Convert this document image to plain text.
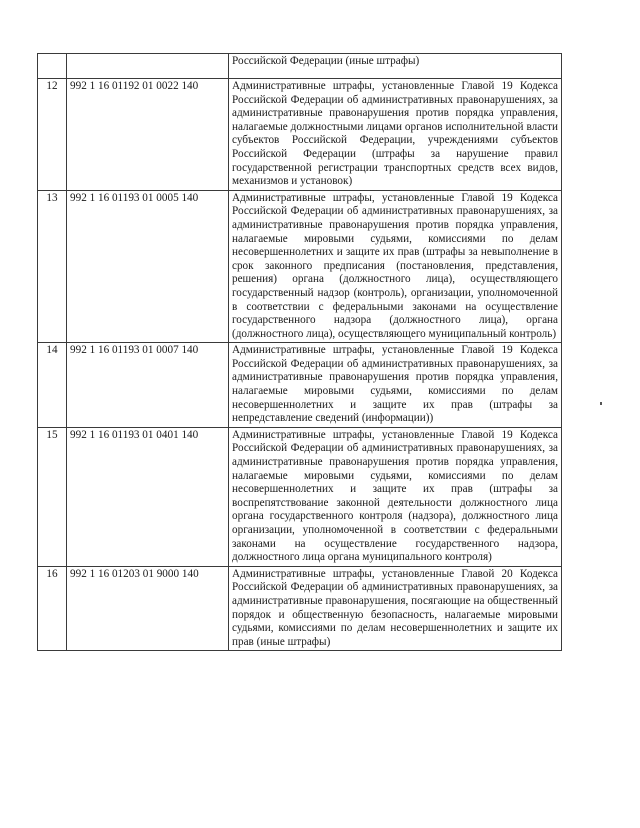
		Российской Федерации (иные штрафы)
12	992 1 16 01192 01 0022 140	Административные штрафы, установленные Главой 19 Кодекса Российской Федерации об административных правонарушениях, за административные правонарушения против порядка управления, налагаемые должностными лицами органов исполнительной власти субъектов Российской Федерации, учреждениями субъектов Российской Федерации (штрафы за нарушение правил государственной регистрации транспортных средств всех видов, механизмов и установок)
13	992 1 16 01193 01 0005 140	Административные штрафы, установленные Главой 19 Кодекса Российской Федерации об административных правонарушениях, за административные правонарушения против порядка управления, налагаемые мировыми судьями, комиссиями по делам несовершеннолетних и защите их прав (штрафы за невыполнение в срок законного предписания (постановления, представления, решения) органа (должностного лица), осуществляющего государственный надзор (контроль), организации, уполномоченной в соответствии с федеральными законами на осуществление государственного надзора (должностного лица), органа (должностного лица), осуществляющего муниципальный контроль)
14	992 1 16 01193 01 0007 140	Административные штрафы, установленные Главой 19 Кодекса Российской Федерации об административных правонарушениях, за административные правонарушения против порядка управления, налагаемые мировыми судьями, комиссиями по делам несовершеннолетних и защите их прав (штрафы за непредставление сведений (информации))
15	992 1 16 01193 01 0401 140	Административные штрафы, установленные Главой 19 Кодекса Российской Федерации об административных правонарушениях, за административные правонарушения против порядка управления, налагаемые мировыми судьями, комиссиями по делам несовершеннолетних и защите их прав (штрафы за воспрепятствование законной деятельности должностного лица органа государственного контроля (надзора), должностного лица организации, уполномоченной в соответствии с федеральными законами на осуществление государственного надзора, должностного лица органа муниципального контроля)
16	992 1 16 01203 01 9000 140	Административные штрафы, установленные Главой 20 Кодекса Российской Федерации об административных правонарушениях, за административные правонарушения, посягающие на общественный порядок и общественную безопасность, налагаемые мировыми судьями, комиссиями по делам несовершеннолетних и защите их прав (иные штрафы)
